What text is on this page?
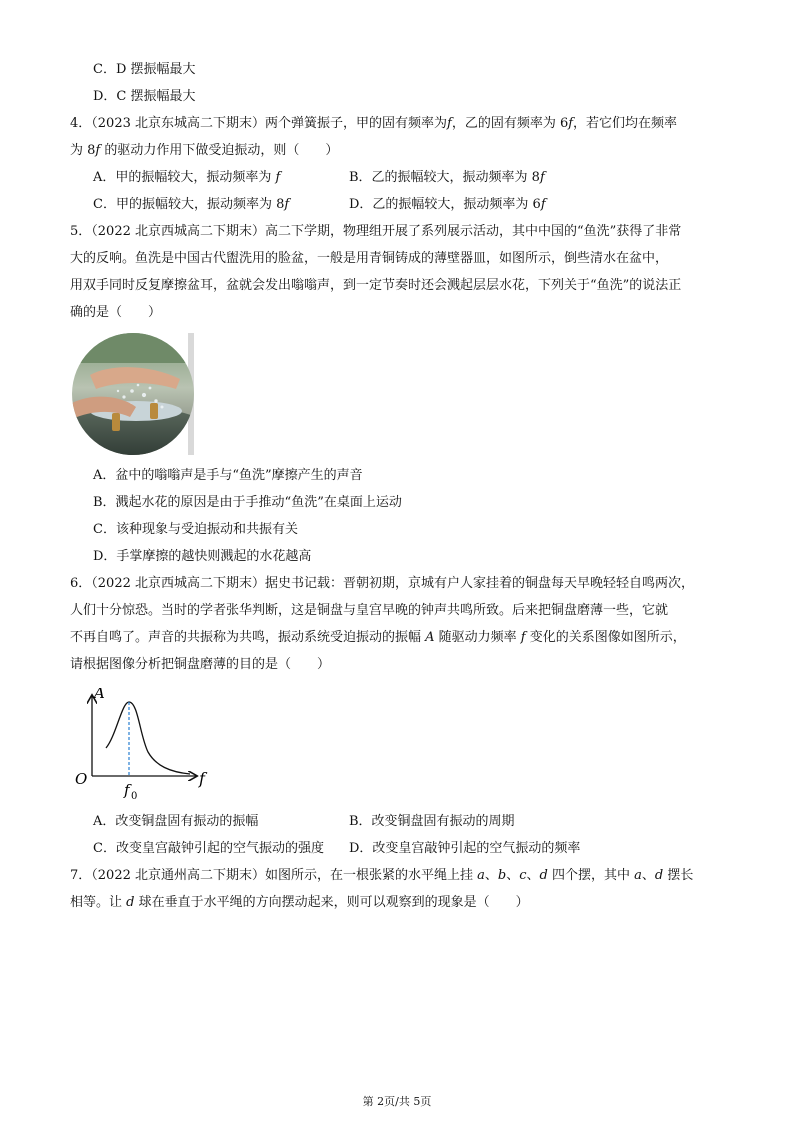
C．D 摆振幅最大
D．C 摆振幅最大
4．（2023 北京东城高二下期末）两个弹簧振子，甲的固有频率为f，乙的固有频率为 6f，若它们均在频率
为 8f 的驱动力作用下做受迫振动，则（　　）
A．甲的振幅较大，振动频率为 f	B．乙的振幅较大，振动频率为 8f
C．甲的振幅较大，振动频率为 8f	D．乙的振幅较大，振动频率为 6f
5．（2022 北京西城高二下期末）高二下学期，物理组开展了系列展示活动，其中中国的“鱼洗”获得了非常
大的反响。鱼洗是中国古代盥洗用的脸盆，一般是用青铜铸成的薄壁器皿，如图所示，倒些清水在盆中，
用双手同时反复摩擦盆耳，盆就会发出嗡嗡声，到一定节奏时还会溅起层层水花，下列关于“鱼洗”的说法正
确的是（　　）
A．盆中的嗡嗡声是手与“鱼洗”摩擦产生的声音
B．溅起水花的原因是由于手推动“鱼洗”在桌面上运动
C．该种现象与受迫振动和共振有关
D．手掌摩擦的越快则溅起的水花越高
6．（2022 北京西城高二下期末）据史书记载：晋朝初期，京城有户人家挂着的铜盘每天早晚轻轻自鸣两次，
人们十分惊恐。当时的学者张华判断，这是铜盘与皇宫早晚的钟声共鸣所致。后来把铜盘磨薄一些，它就
不再自鸣了。声音的共振称为共鸣，振动系统受迫振动的振幅 A 随驱动力频率 f 变化的关系图像如图所示，
请根据图像分析把铜盘磨薄的目的是（　　）
A
f
O
f 0
A．改变铜盘固有振动的振幅	B．改变铜盘固有振动的周期
C．改变皇宫敲钟引起的空气振动的强度 D．改变皇宫敲钟引起的空气振动的频率
7．（2022 北京通州高二下期末）如图所示，在一根张紧的水平绳上挂 a、b、c、d 四个摆，其中 a、d 摆长
相等。让 d 球在垂直于水平绳的方向摆动起来，则可以观察到的现象是（　　）
第 2页/共 5页
